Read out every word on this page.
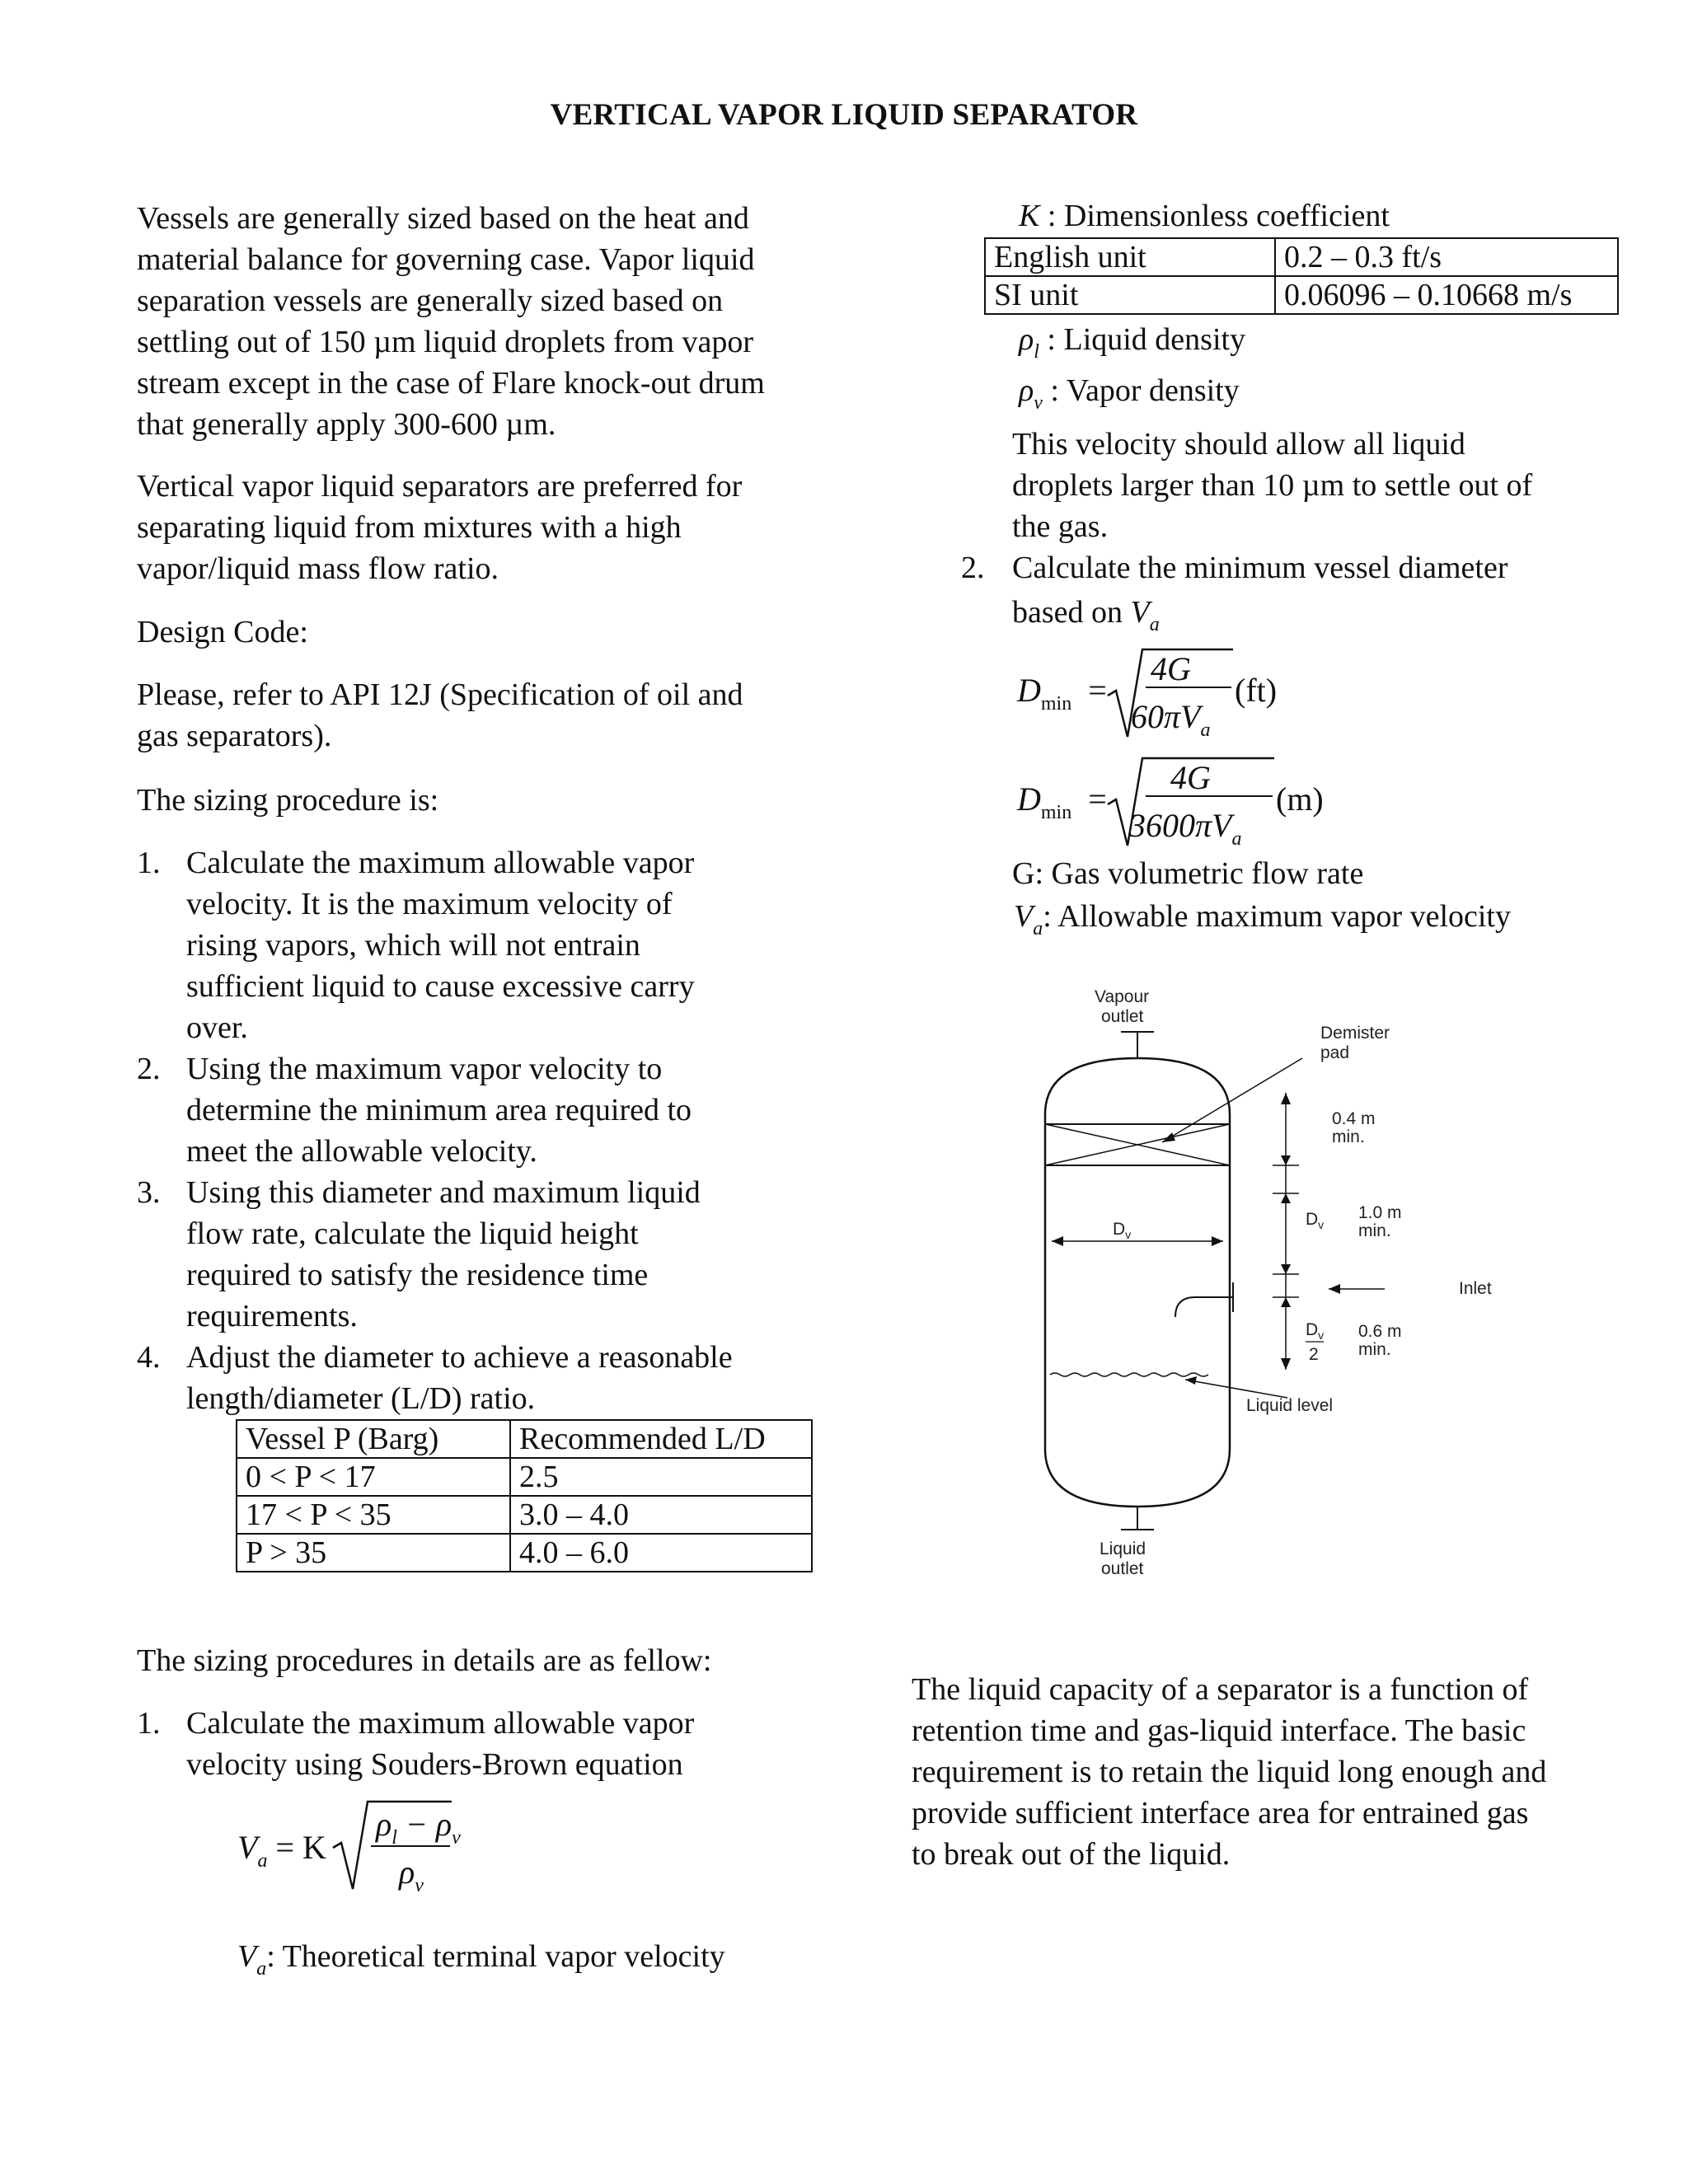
VERTICAL VAPOR LIQUID SEPARATOR
Vessels are generally sized based on the heat and
material balance for governing case. Vapor liquid
separation vessels are generally sized based on
settling out of 150 µm liquid droplets from vapor
stream except in the case of Flare knock-out drum
that generally apply 300-600 µm.
Vertical vapor liquid separators are preferred for
separating liquid from mixtures with a high
vapor/liquid mass flow ratio.
Design Code:
Please, refer to API 12J (Specification of oil and
gas separators).
The sizing procedure is:
1. Calculate the maximum allowable vapor
velocity. It is the maximum velocity of
rising vapors, which will not entrain
sufficient liquid to cause excessive carry
over.
2. Using the maximum vapor velocity to
determine the minimum area required to
meet the allowable velocity.
3. Using this diameter and maximum liquid
flow rate, calculate the liquid height
required to satisfy the residence time
requirements.
4. Adjust the diameter to achieve a reasonable
length/diameter (L/D) ratio.
Vessel P (Barg)	Recommended L/D
0 < P < 17	2.5
17 < P < 35	3.0 – 4.0
P > 35	4.0 – 6.0
The sizing procedures in details are as fellow:
1. Calculate the maximum allowable vapor
velocity using Souders-Brown equation
$V_a = K$
$\rho_l - \rho_v$
$\rho_v$
$V_a$: Theoretical terminal vapor velocity
K : Dimensionless coefficient
English unit	0.2 – 0.3 ft/s
SI unit	0.06096 – 0.10668 m/s
$\rho_l$ : Liquid density
$\rho_v$ : Vapor density
This velocity should allow all liquid
droplets larger than 10 µm to settle out of
the gas.
2. Calculate the minimum vessel diameter
based on $V_a$
$D_{min}$ =
4G
$60\pi V_a$
(ft)
$D_{min}$ =
4G
$3600\pi V_a$
(m)
G: Gas volumetric flow rate
$V_a$: Allowable maximum vapor velocity
Vapour
outlet
Demister
pad
0.4 m
min.
1.0 m
min.
0.6 m
min.
$D_v$
$D_v$
$D_v$
2
Inlet
Liquid level
Liquid
outlet
The liquid capacity of a separator is a function of
retention time and gas-liquid interface. The basic
requirement is to retain the liquid long enough and
provide sufficient interface area for entrained gas
to break out of the liquid.
